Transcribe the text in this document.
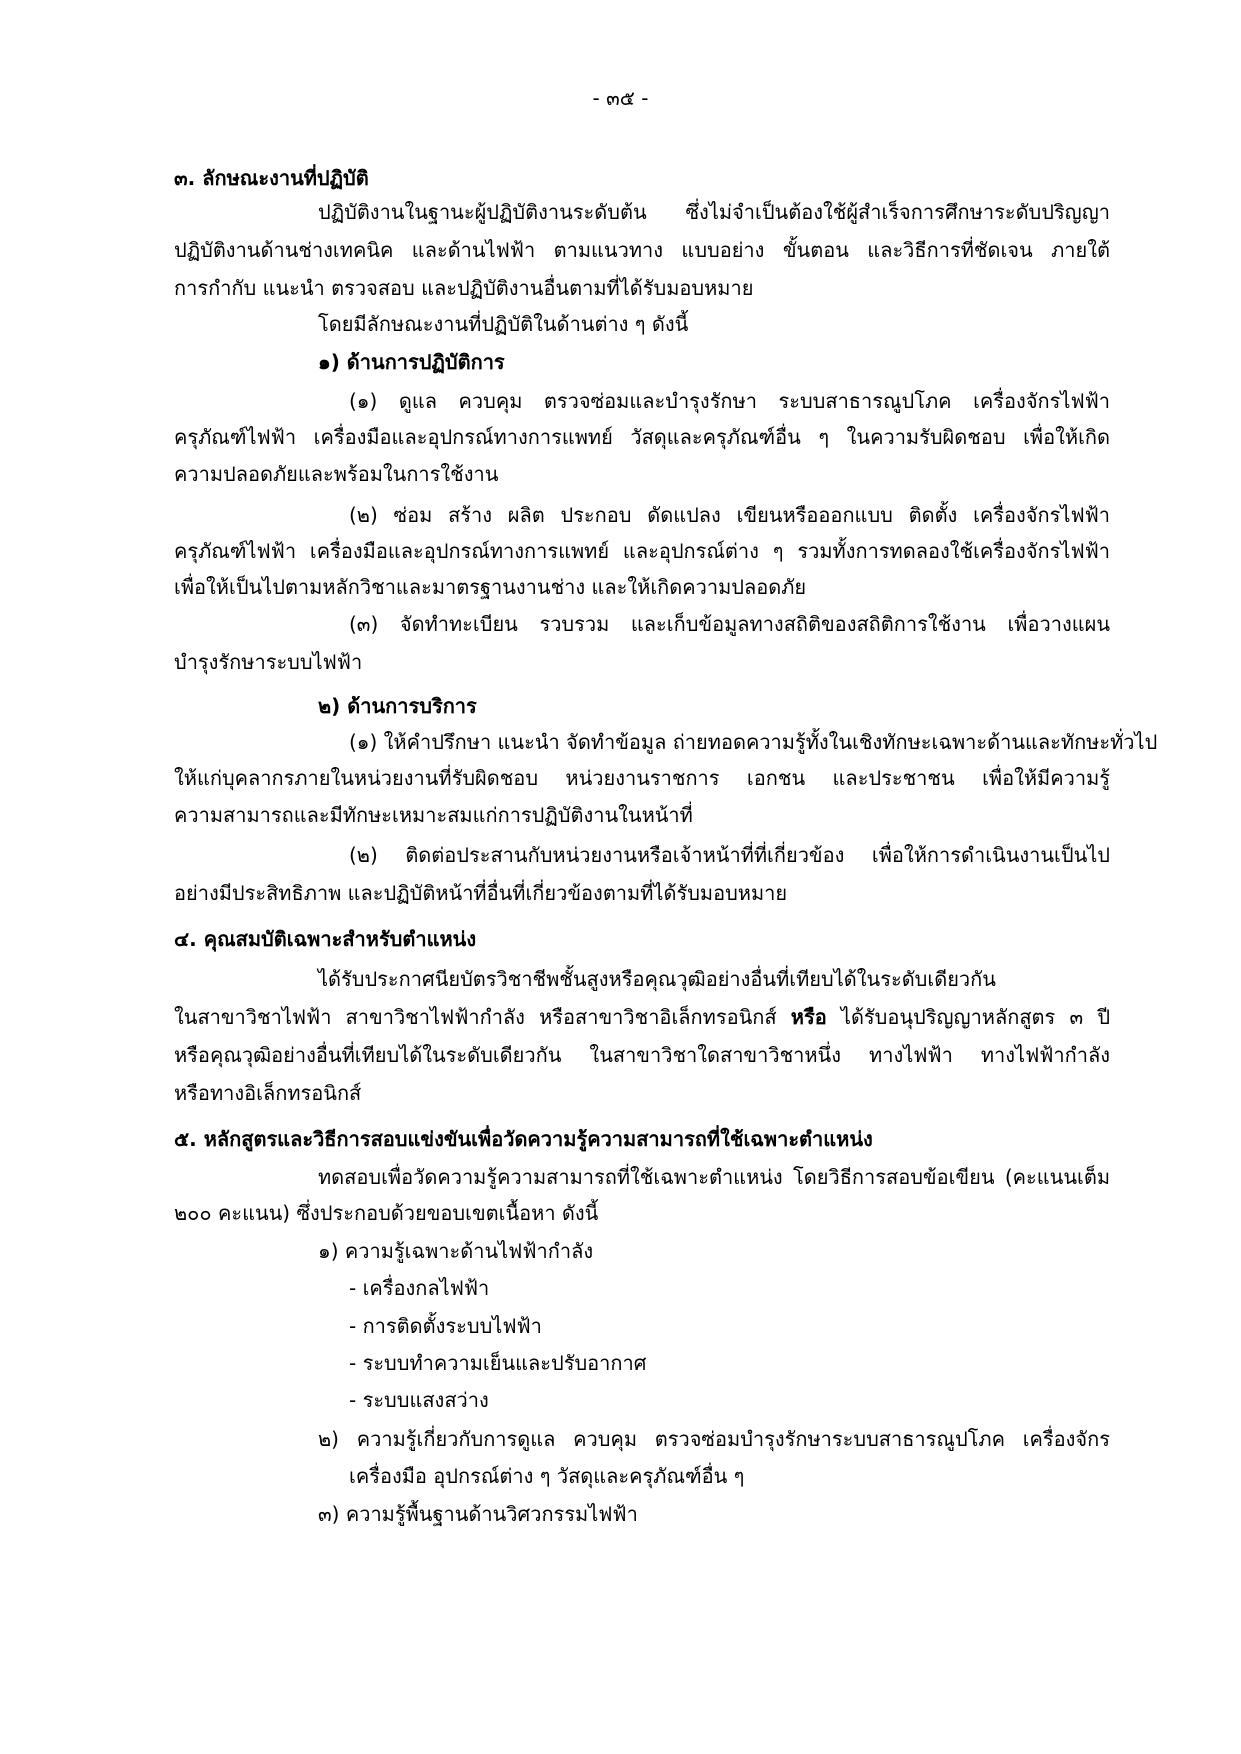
- ๓๕ -
๓. ลักษณะงานที่ปฏิบัติ
ปฏิบัติงานในฐานะผู้ปฏิบัติงานระดับต้น ซึ่งไม่จำเป็นต้องใช้ผู้สำเร็จการศึกษาระดับปริญญา
ปฏิบัติงานด้านช่างเทคนิค และด้านไฟฟ้า ตามแนวทาง แบบอย่าง ขั้นตอน และวิธีการที่ชัดเจน ภายใต้
การกำกับ แนะนำ ตรวจสอบ และปฏิบัติงานอื่นตามที่ได้รับมอบหมาย
โดยมีลักษณะงานที่ปฏิบัติในด้านต่าง ๆ ดังนี้
๑) ด้านการปฏิบัติการ
(๑) ดูแล ควบคุม ตรวจซ่อมและบำรุงรักษา ระบบสาธารณูปโภค เครื่องจักรไฟฟ้า
ครุภัณฑ์ไฟฟ้า เครื่องมือและอุปกรณ์ทางการแพทย์ วัสดุและครุภัณฑ์อื่น ๆ ในความรับผิดชอบ เพื่อให้เกิด
ความปลอดภัยและพร้อมในการใช้งาน
(๒) ซ่อม สร้าง ผลิต ประกอบ ดัดแปลง เขียนหรือออกแบบ ติดตั้ง เครื่องจักรไฟฟ้า
ครุภัณฑ์ไฟฟ้า เครื่องมือและอุปกรณ์ทางการแพทย์ และอุปกรณ์ต่าง ๆ รวมทั้งการทดลองใช้เครื่องจักรไฟฟ้า
เพื่อให้เป็นไปตามหลักวิชาและมาตรฐานงานช่าง และให้เกิดความปลอดภัย
(๓) จัดทำทะเบียน รวบรวม และเก็บข้อมูลทางสถิติของสถิติการใช้งาน เพื่อวางแผน
บำรุงรักษาระบบไฟฟ้า
๒) ด้านการบริการ
(๑) ให้คำปรึกษา แนะนำ จัดทำข้อมูล ถ่ายทอดความรู้ทั้งในเชิงทักษะเฉพาะด้านและทักษะทั่วไป
ให้แก่บุคลากรภายในหน่วยงานที่รับผิดชอบ หน่วยงานราชการ เอกชน และประชาชน เพื่อให้มีความรู้
ความสามารถและมีทักษะเหมาะสมแก่การปฏิบัติงานในหน้าที่
(๒) ติดต่อประสานกับหน่วยงานหรือเจ้าหน้าที่ที่เกี่ยวข้อง เพื่อให้การดำเนินงานเป็นไป
อย่างมีประสิทธิภาพ และปฏิบัติหน้าที่อื่นที่เกี่ยวข้องตามที่ได้รับมอบหมาย
๔. คุณสมบัติเฉพาะสำหรับตำแหน่ง
ได้รับประกาศนียบัตรวิชาชีพชั้นสูงหรือคุณวุฒิอย่างอื่นที่เทียบได้ในระดับเดียวกัน
ในสาขาวิชาไฟฟ้า สาขาวิชาไฟฟ้ากำลัง หรือสาขาวิชาอิเล็กทรอนิกส์ หรือ ได้รับอนุปริญญาหลักสูตร ๓ ปี
หรือคุณวุฒิอย่างอื่นที่เทียบได้ในระดับเดียวกัน ในสาขาวิชาใดสาขาวิชาหนึ่ง ทางไฟฟ้า ทางไฟฟ้ากำลัง
หรือทางอิเล็กทรอนิกส์
๕. หลักสูตรและวิธีการสอบแข่งขันเพื่อวัดความรู้ความสามารถที่ใช้เฉพาะตำแหน่ง
ทดสอบเพื่อวัดความรู้ความสามารถที่ใช้เฉพาะตำแหน่ง โดยวิธีการสอบข้อเขียน (คะแนนเต็ม
๒๐๐ คะแนน) ซึ่งประกอบด้วยขอบเขตเนื้อหา ดังนี้
๑) ความรู้เฉพาะด้านไฟฟ้ากำลัง
- เครื่องกลไฟฟ้า
- การติดตั้งระบบไฟฟ้า
- ระบบทำความเย็นและปรับอากาศ
- ระบบแสงสว่าง
๒) ความรู้เกี่ยวกับการดูแล ควบคุม ตรวจซ่อมบำรุงรักษาระบบสาธารณูปโภค เครื่องจักร
เครื่องมือ อุปกรณ์ต่าง ๆ วัสดุและครุภัณฑ์อื่น ๆ
๓) ความรู้พื้นฐานด้านวิศวกรรมไฟฟ้า
